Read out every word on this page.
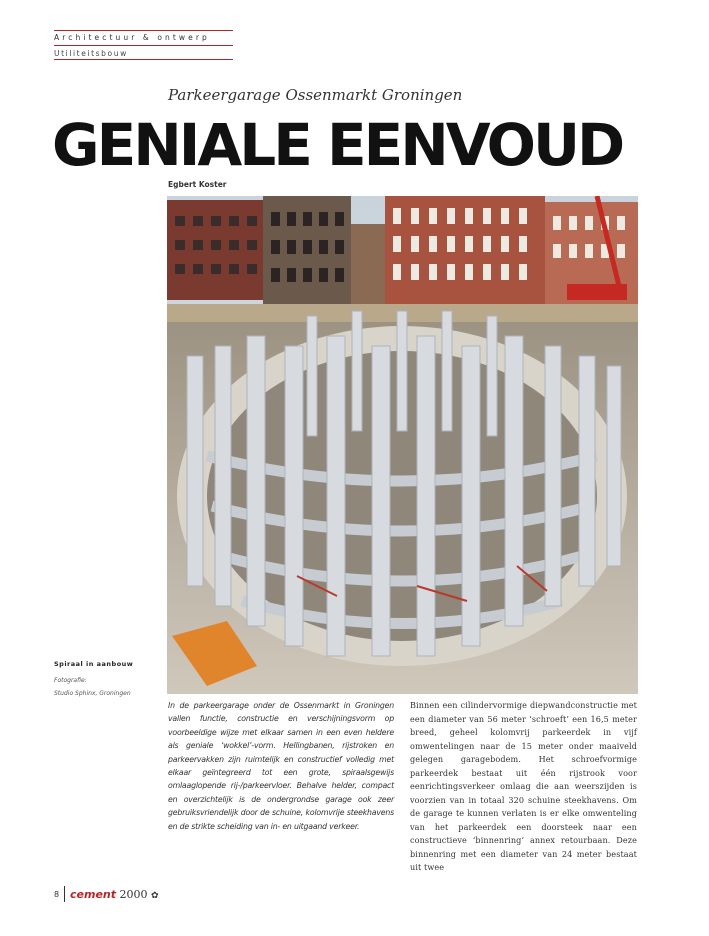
Architectuur & ontwerp
Utiliteitsbouw
Parkeergarage Ossenmarkt Groningen
GENIALE EENVOUD
Egbert Koster
Spiraal in aanbouw
Fotografie:
Studio Sphinx, Groningen
In de parkeergarage onder de Ossenmarkt in Groningen vallen functie, constructie en verschijningsvorm op voorbeeldige wijze met elkaar samen in een even heldere als geniale ‘wokkel’-vorm. Hellingbanen, rijstroken en parkeervakken zijn ruimtelijk en constructief volledig met elkaar geïntegreerd tot een grote, spiraalsgewijs omlaaglopende rij-/parkeervloer. Behalve helder, compact en overzichtelijk is de ondergrondse garage ook zeer gebruiksvriendelijk door de schuine, kolomvrije steekhavens en de strikte scheiding van in- en uitgaand verkeer.
Binnen een cilindervormige diepwandconstructie met een diameter van 56 meter ‘schroeft’ een 16,5 meter breed, geheel kolomvrij parkeerdek in vijf omwentelingen naar de 15 meter onder maaiveld gelegen garagebodem. Het schroefvormige parkeerdek bestaat uit één rijstrook voor eenrichtingsverkeer omlaag die aan weerszijden is voorzien van in totaal 320 schuine steekhavens. Om de garage te kunnen verlaten is er elke omwenteling van het parkeerdek een doorsteek naar een constructieve ‘binnenring’ annex retourbaan. Deze binnenring met een diameter van 24 meter bestaat uit twee
8 cement 2000 ✿
